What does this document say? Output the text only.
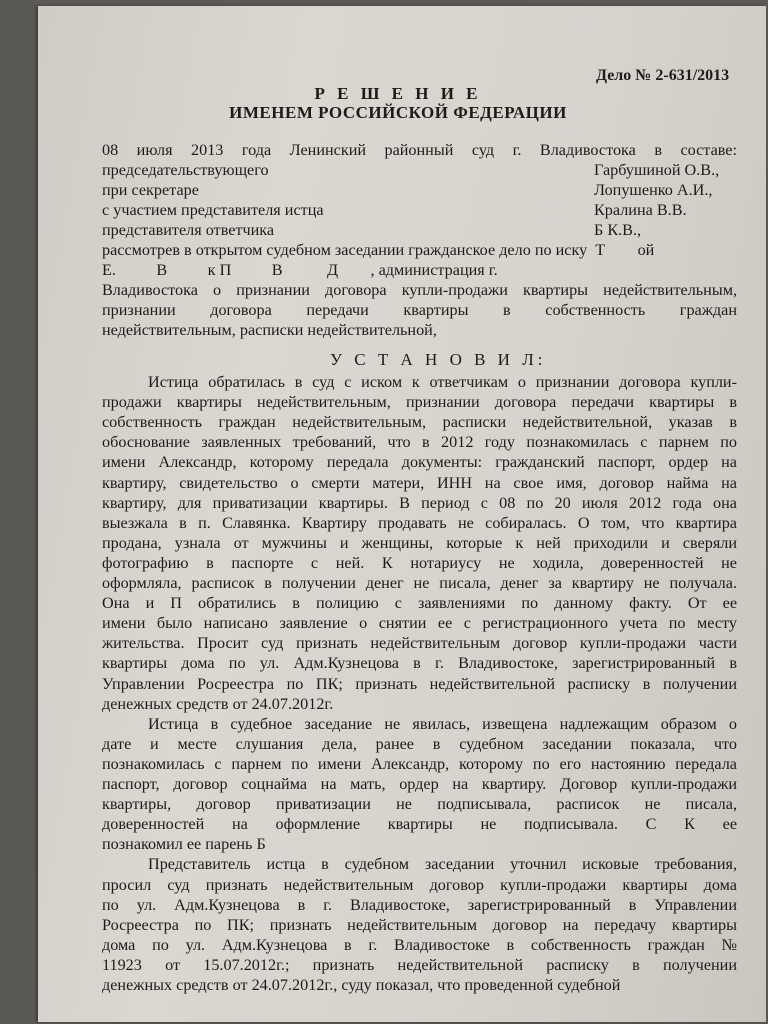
Дело № 2-631/2013
Р Е Ш Е Н И Е
ИМЕНЕМ РОССИЙСКОЙ ФЕДЕРАЦИИ
08 июля 2013 года Ленинский районный суд г. Владивостока в составе:
председательствующего	Гарбушиной О.В.,
при секретаре	Лопушенко А.И.,
с участием представителя истца	Кралина В.В.
представителя ответчика	Б К.В.,
рассмотрев в открытом судебном заседании гражданское дело по иску  Т        ой
Е.          В          к П          В           Д        , администрация г.
Владивостока о признании договора купли-продажи квартиры недействительным,
признании договора передачи квартиры в собственность граждан
недействительным, расписки недействительной,
У С Т А Н О В И Л:
Истица обратилась в суд с иском к ответчикам о признании договора купли-
продажи квартиры недействительным, признании договора передачи квартиры в
собственность граждан недействительным, расписки недействительной, указав в
обоснование заявленных требований, что в 2012 году познакомилась с парнем по
имени Александр, которому передала документы: гражданский паспорт, ордер на
квартиру, свидетельство о смерти матери, ИНН на свое имя, договор найма на
квартиру, для приватизации квартиры. В период с 08 по 20 июля 2012 года она
выезжала в п. Славянка. Квартиру продавать не собиралась. О том, что квартира
продана, узнала от мужчины и женщины, которые к ней приходили и сверяли
фотографию в паспорте с ней. К нотариусу не ходила, доверенностей не
оформляла, расписок в получении денег не писала, денег за квартиру не получала.
Она и П обратились в полицию с заявлениями по данному факту. От ее
имени было написано заявление о снятии ее с регистрационного учета по месту
жительства. Просит суд признать недействительным договор купли-продажи части
квартиры дома по ул. Адм.Кузнецова в г. Владивостоке, зарегистрированный в
Управлении Росреестра по ПК; признать недействительной расписку в получении
денежных средств от 24.07.2012г.
Истица в судебное заседание не явилась, извещена надлежащим образом о
дате и месте слушания дела, ранее в судебном заседании показала, что
познакомилась с парнем по имени Александр, которому по его настоянию передала
паспорт, договор соцнайма на мать, ордер на квартиру. Договор купли-продажи
квартиры, договор приватизации не подписывала, расписок не писала,
доверенностей на оформление квартиры не подписывала. С К ее
познакомил ее парень Б
Представитель истца в судебном заседании уточнил исковые требования,
просил суд признать недействительным договор купли-продажи квартиры дома
по ул. Адм.Кузнецова в г. Владивостоке, зарегистрированный в Управлении
Росреестра по ПК; признать недействительным договор на передачу квартиры
дома по ул. Адм.Кузнецова в г. Владивостоке в собственность граждан №
11923 от 15.07.2012г.; признать недействительной расписку в получении
денежных средств от 24.07.2012г., суду показал, что проведенной судебной
